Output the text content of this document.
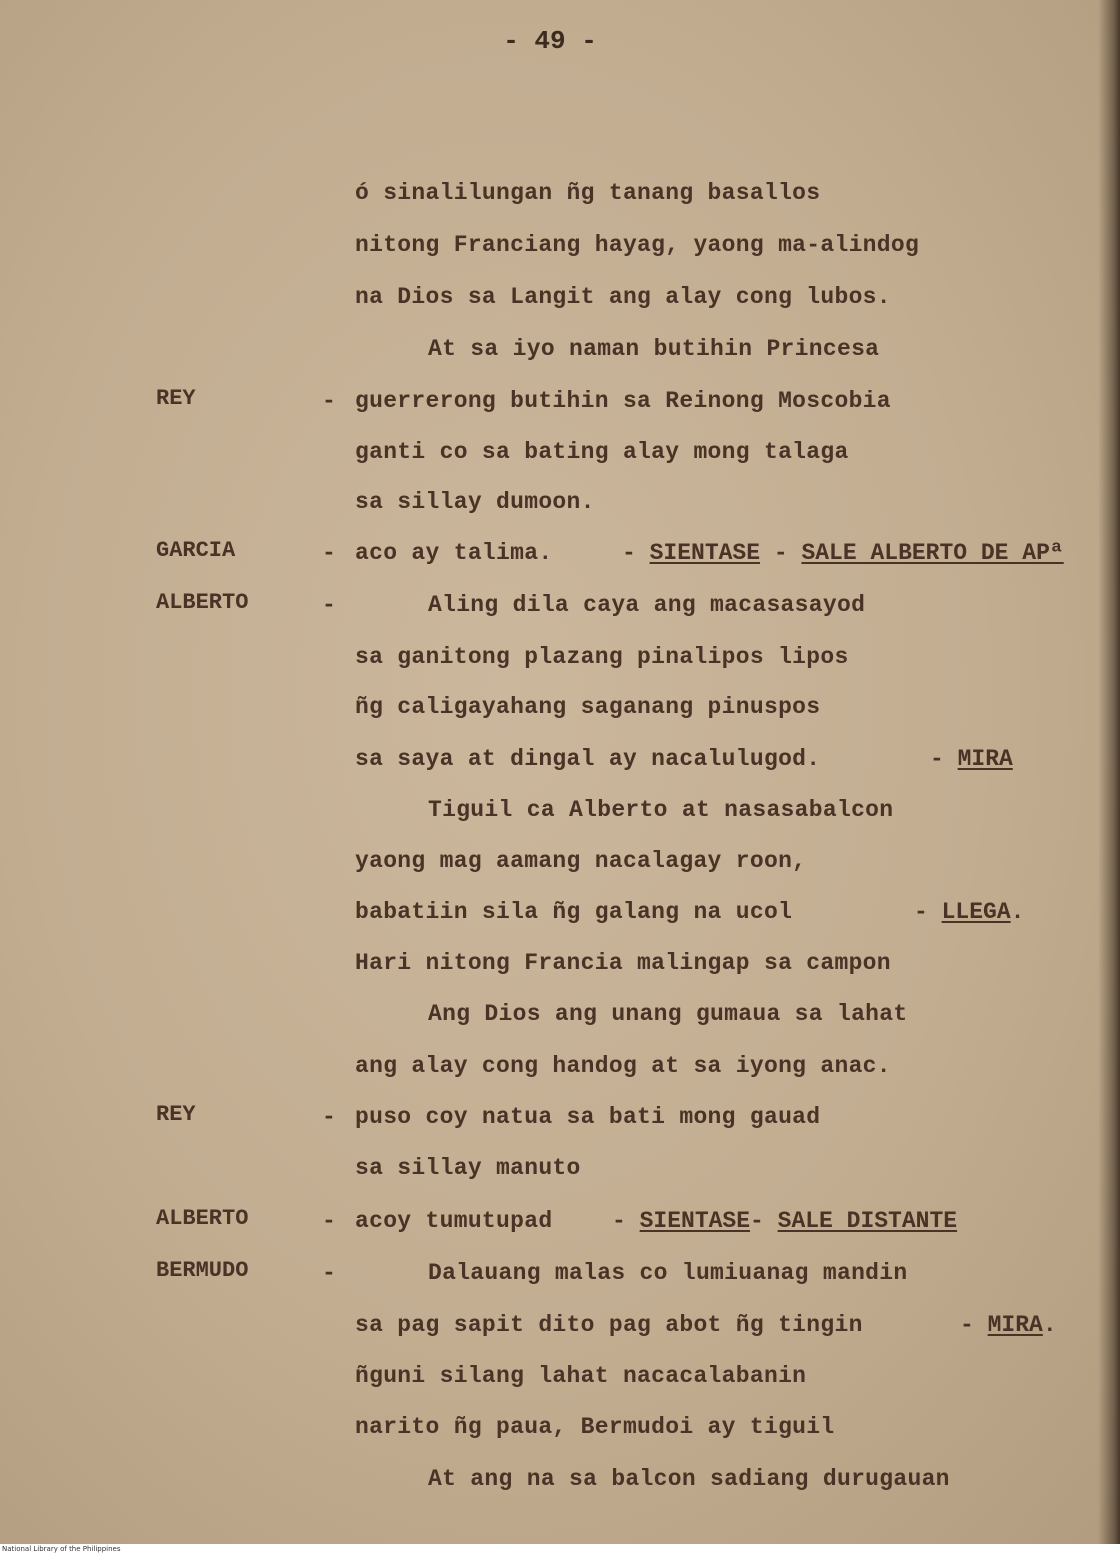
- 49 -
ó sinalilungan ñg tanang basallos
nitong Franciang hayag, yaong ma-alindog
na Dios sa Langit ang alay cong lubos.
At sa iyo naman butihin Princesa
REY	- guerrerong butihin sa Reinong Moscobia
ganti co sa bating alay mong talaga
sa sillay dumoon.
GARCIA	- aco ay talima.	- SIENTASE - SALE ALBERTO DE APª
ALBERTO	-	Aling dila caya ang macasasayod
sa ganitong plazang pinalipos lipos
ñg caligayahang saganang pinuspos
sa saya at dingal ay nacalulugod.	- MIRA
Tiguil ca Alberto at nasasabalcon
yaong mag aamang nacalagay roon,
babatiin sila ñg galang na ucol	- LLEGA.
Hari nitong Francia malingap sa campon
Ang Dios ang unang gumaua sa lahat
ang alay cong handog at sa iyong anac.
REY	- puso coy natua sa bati mong gauad
sa sillay manuto
ALBERTO	- acoy tumutupad	- SIENTASE- SALE DISTANTE
BERMUDO	-	Dalauang malas co lumiuanag mandin
sa pag sapit dito pag abot ñg tingin	- MIRA.
ñguni silang lahat nacacalabanin
narito ñg paua, Bermudoi ay tiguil
At ang na sa balcon sadiang durugauan
National Library of the Philippines
